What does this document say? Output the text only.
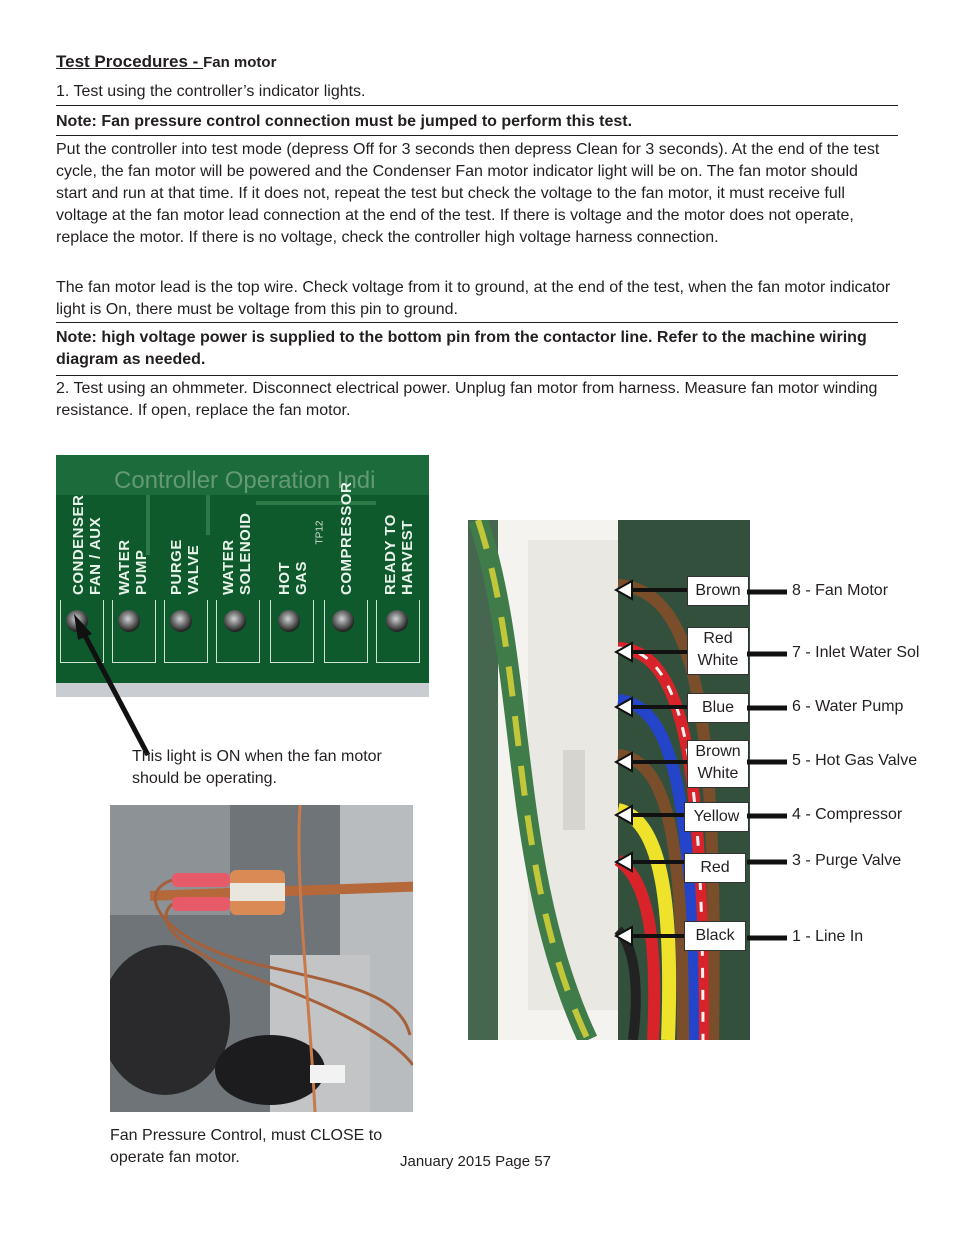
Test Procedures - Fan motor
1. Test using the controller’s indicator lights.
Note: Fan pressure control connection must be jumped to perform this test.
Put the controller into test mode (depress Off for 3 seconds then depress Clean for 3 seconds). At the end of the test cycle, the fan motor will be powered and the Condenser Fan motor indicator light will be on. The fan motor should start and run at that time. If it does not, repeat the test but check the voltage to the fan motor, it must receive full voltage at the fan motor lead connection at the end of the test. If there is voltage and the motor does not operate, replace the motor. If there is no voltage, check the controller high voltage harness connection.
The fan motor lead is the top wire. Check voltage from it to ground, at the end of the test, when the fan motor indicator light is On, there must be voltage from this pin to ground.
Note: high voltage power is supplied to the bottom pin from the contactor line. Refer to the machine wiring diagram as needed.
2. Test using an ohmmeter. Disconnect electrical power. Unplug fan motor from harness. Measure fan motor winding resistance. If open, replace the fan motor.
Controller Operation Indi
TP12
CONDENSER
FAN / AUX
WATER
PUMP PURGE
VALVE WATER
SOLENOID HOT
GAS COMPRESSOR READY TO
HARVEST
This light is ON when the fan motor should be operating.
Fan Pressure Control, must CLOSE to operate fan motor.
Brown
Red
White
Blue
Brown
White
Yellow
Red
Black
8 - Fan Motor
7 - Inlet Water Sol
6 - Water Pump
5 - Hot Gas Valve
4 - Compressor
3 - Purge Valve
1 - Line In
January 2015 Page 57
